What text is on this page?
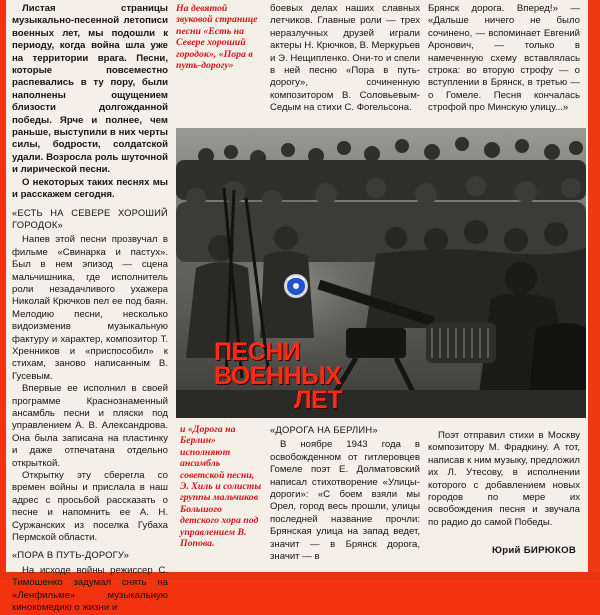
Листая страницы музыкально-песенной летописи военных лет, мы подошли к периоду, когда война шла уже на территории врага. Песни, которые повсеместно распевались в ту пору, были наполнены ощущением близости долгожданной победы. Ярче и полнее, чем раньше, выступили в них черты силы, бодрости, солдатской удали. Возросла роль шуточной и лирической песни.

О некоторых таких песнях мы и расскажем сегодня.

«ЕСТЬ НА СЕВЕРЕ ХОРОШИЙ ГОРОДОК»

Напев этой песни прозвучал в фильме «Свинарка и пастух». Был в нем эпизод — сцена мальчишника, где исполнитель роли незадачливого ухажера Николай Крючков пел ее под баян. Мелодию песни, несколько видоизменив музыкальную фактуру и характер, композитор Т. Хренников и «приспособил» к стихам, заново написанным В. Гусевым.

Впервые ее исполнил в своей программе Краснознаменный ансамбль песни и пляски под управлением А. В. Александрова. Она была записана на пластинку и даже отпечатана отдельно открыткой.

Открытку эту сберегла со времен войны и прислала в наш адрес с просьбой рассказать о песне и напомнить ее А. Н. Суржанских из поселка Губаха Пермской области.

«ПОРА В ПУТЬ-ДОРОГУ»

На исходе войны режиссер С. Тимошенко задумал снять на «Ленфильме» музыкальную кинокомедию о жизни и

На девятой звуковой странице песни «Есть на Севере хороший городок», «Пора в путь-дорогу»

боевых делах наших славных летчиков. Главные роли — трех неразлучных друзей играли актеры Н. Крючков, В. Меркурьев и Э. Нещипленко. Они-то и спели в ней песню «Пора в путь-дорогу», сочиненную композитором В. Соловьевым-Седым на стихи С. Фогельсона.

Брянск дорога. Вперед!» — «Дальше ничего не было сочинено, — вспоминает Евгений Аронович, — только в намеченную схему вставлялась строка: во вторую строфу — о вступлении в Брянск, в третью — о Гомеле. Песня кончалась строфой про Минскую улицу...»

ПЕСНИ
ВОЕННЫХ
ЛЕТ
и «Дорога на Берлин» исполняют ансамбль советской песни, Э. Хиль и солисты группы мальчиков Большого детского хора под управлением В. Попова.

«ДОРОГА НА БЕРЛИН»

В ноябре 1943 года в освобожденном от гитлеровцев Гомеле поэт Е. Долматовский написал стихотворение «Улицы-дороги»: «С боем взяли мы Орел, город весь прошли, улицы последней название прочли: Брянская улица на запад ведет, значит — в Брянск дорога, значит — в

Поэт отправил стихи в Москву композитору М. Фрадкину. А тот, написав к ним музыку, предложил их Л. Утесову, в исполнении которого с добавлением новых городов по мере их освобождения песня и звучала по радио до самой Победы.

Юрий БИРЮКОВ
